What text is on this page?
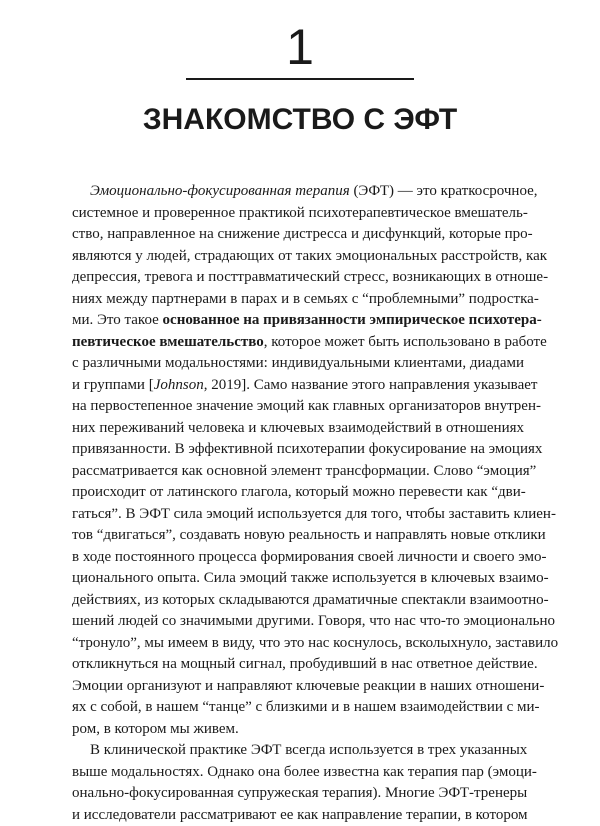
1
ЗНАКОМСТВО С ЭФТ

Эмоционально-фокусированная терапия (ЭФТ) — это краткосрочное,
системное и проверенное практикой психотерапевтическое вмешатель-
ство, направленное на снижение дистресса и дисфункций, которые про-
являются у людей, страдающих от таких эмоциональных расстройств, как
депрессия, тревога и посттравматический стресс, возникающих в отноше-
ниях между партнерами в парах и в семьях с “проблемными” подростка-
ми. Это такое основанное на привязанности эмпирическое психотера-
певтическое вмешательство, которое может быть использовано в работе
с различными модальностями: индивидуальными клиентами, диадами
и группами [Johnson, 2019]. Само название этого направления указывает
на первостепенное значение эмоций как главных организаторов внутрен-
них переживаний человека и ключевых взаимодействий в отношениях
привязанности. В эффективной психотерапии фокусирование на эмоциях
рассматривается как основной элемент трансформации. Слово “эмоция”
происходит от латинского глагола, который можно перевести как “дви-
гаться”. В ЭФТ сила эмоций используется для того, чтобы заставить клиен-
тов “двигаться”, создавать новую реальность и направлять новые отклики
в ходе постоянного процесса формирования своей личности и своего эмо-
ционального опыта. Сила эмоций также используется в ключевых взаимо-
действиях, из которых складываются драматичные спектакли взаимоотно-
шений людей со значимыми другими. Говоря, что нас что-то эмоционально
“тронуло”, мы имеем в виду, что это нас коснулось, всколыхнуло, заставило
откликнуться на мощный сигнал, пробудивший в нас ответное действие.
Эмоции организуют и направляют ключевые реакции в наших отношени-
ях с собой, в нашем “танце” с близкими и в нашем взаимодействии с ми-
ром, в котором мы живем.

В клинической практике ЭФТ всегда используется в трех указанных
выше модальностях. Однако она более известна как терапия пар (эмоци-
онально-фокусированная супружеская терапия). Многие ЭФТ-тренеры
и исследователи рассматривают ее как направление терапии, в котором
